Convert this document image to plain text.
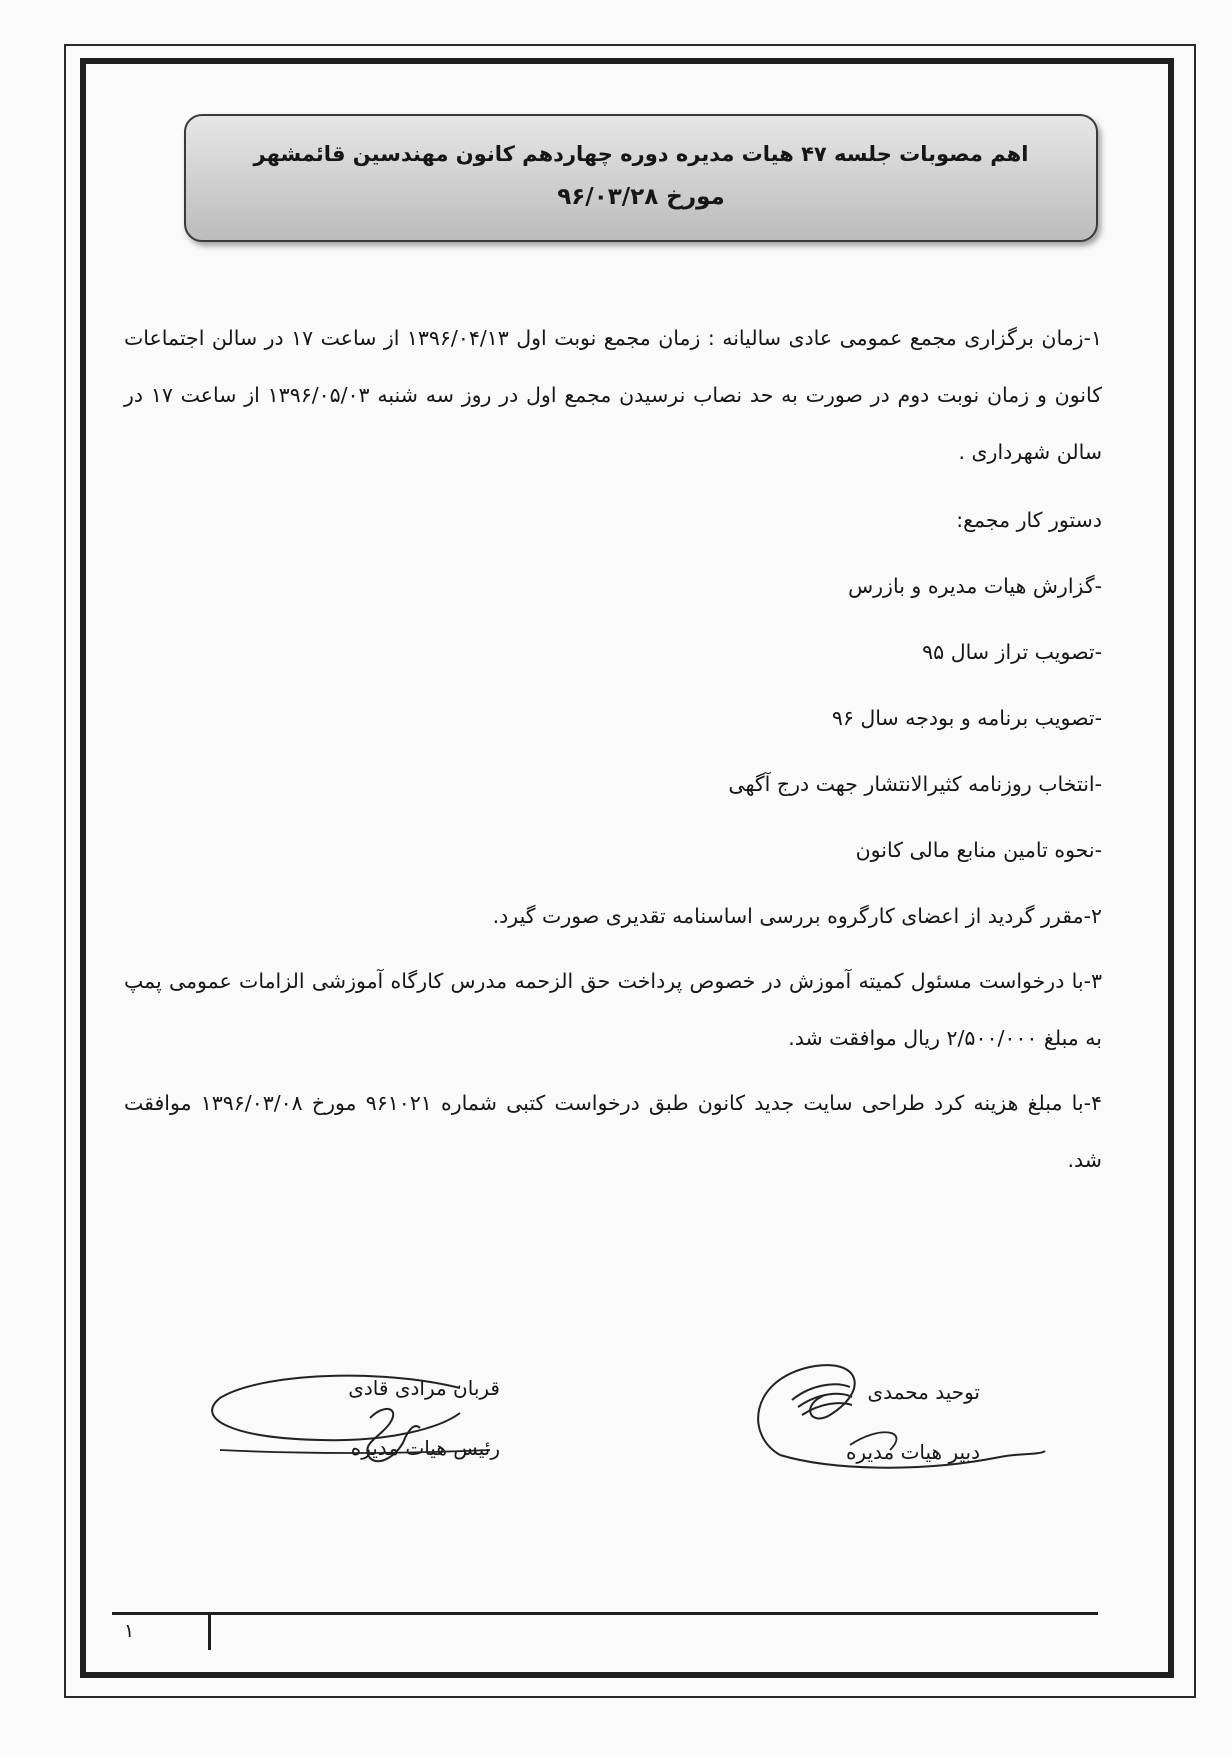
اهم مصوبات جلسه ۴۷ هیات مدیره دوره چهاردهم کانون مهندسین قائمشهر
مورخ ۹۶/۰۳/۲۸

۱-زمان برگزاری مجمع عمومی عادی سالیانه : زمان مجمع نوبت اول ۱۳۹۶/۰۴/۱۳ از ساعت ۱۷ در سالن اجتماعات کانون و زمان نوبت دوم در صورت به حد نصاب نرسیدن مجمع اول در روز سه شنبه ۱۳۹۶/۰۵/۰۳ از ساعت ۱۷ در سالن شهرداری .

دستور کار مجمع:

-گزارش هیات مدیره و بازرس

-تصویب تراز سال ۹۵

-تصویب برنامه و بودجه سال ۹۶

-انتخاب روزنامه کثیرالانتشار جهت درج آگهی

-نحوه تامین منابع مالی کانون

۲-مقرر گردید از اعضای کارگروه بررسی اساسنامه تقدیری صورت گیرد.

۳-با درخواست مسئول کمیته آموزش در خصوص پرداخت حق الزحمه مدرس کارگاه آموزشی الزامات عمومی پمپ به مبلغ ۲/۵۰۰/۰۰۰ ریال موافقت شد.

۴-با مبلغ هزینه کرد طراحی سایت جدید کانون طبق درخواست کتبی شماره ۹۶۱۰۲۱ مورخ ۱۳۹۶/۰۳/۰۸ موافقت شد.

توحید محمدی
دبیر هیات مدیره
قربان مرادی قادی
رئیس هیات مدیره
۱
